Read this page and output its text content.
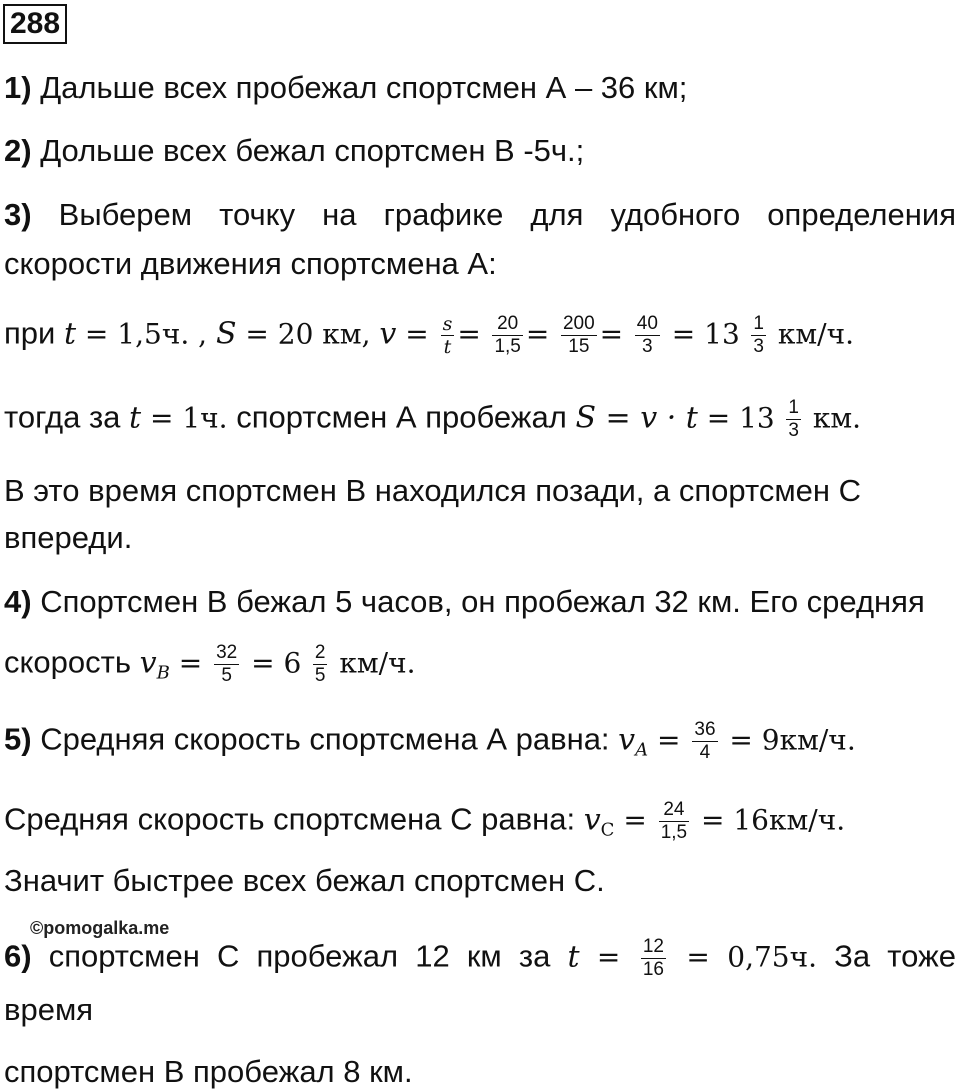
288
1) Дальше всех пробежал спортсмен А – 36 км;
2) Дольше всех бежал спортсмен В -5ч.;
3) Выберем точку на графике для удобного определения
скорости движения спортсмена А:
при t = 1,5ч. , S = 20 км, $v = \frac{s}{t} = \frac{20}{1,5} = \frac{200}{15} = \frac{40}{3} = 13 \frac{1}{3} км/ч$.
тогда за t = 1ч. спортсмен А пробежал $S = v \cdot t = 13 \frac{1}{3}$ км.
В это время спортсмен В находился позади, а спортсмен С
впереди.
4) Спортсмен В бежал 5 часов, он пробежал 32 км. Его средняя
скорость $v_B = \frac{32}{5} = 6 \frac{2}{5} км/ч$.
5) Средняя скорость спортсмена А равна: $v_A = \frac{36}{4} = 9км/ч$.
Средняя скорость спортсмена С равна: vC = $\frac{24}{1,5} = 16км/ч$.
Значит быстрее всех бежал спортсмен С.
©pomogalka.me
6) спортсмен С пробежал 12 км за $t = \frac{12}{16} = 0,75ч$. За тоже
время
спортсмен В пробежал 8 км.
